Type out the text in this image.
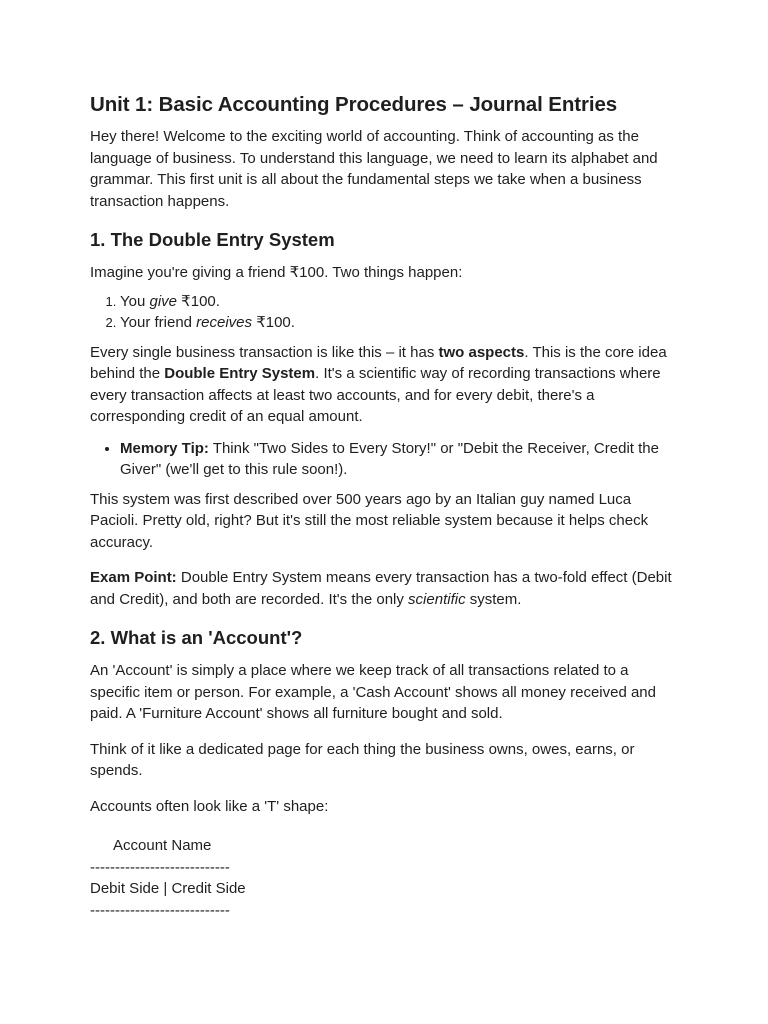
Unit 1: Basic Accounting Procedures – Journal Entries

Hey there! Welcome to the exciting world of accounting. Think of accounting as the language of business. To understand this language, we need to learn its alphabet and grammar. This first unit is all about the fundamental steps we take when a business transaction happens.

1. The Double Entry System

Imagine you're giving a friend ₹100. Two things happen:

1. You give ₹100.
2. Your friend receives ₹100.

Every single business transaction is like this – it has two aspects. This is the core idea behind the Double Entry System. It's a scientific way of recording transactions where every transaction affects at least two accounts, and for every debit, there's a corresponding credit of an equal amount.

• Memory Tip: Think "Two Sides to Every Story!" or "Debit the Receiver, Credit the Giver" (we'll get to this rule soon!).

This system was first described over 500 years ago by an Italian guy named Luca Pacioli. Pretty old, right? But it's still the most reliable system because it helps check accuracy.

Exam Point: Double Entry System means every transaction has a two-fold effect (Debit and Credit), and both are recorded. It's the only scientific system.

2. What is an 'Account'?

An 'Account' is simply a place where we keep track of all transactions related to a specific item or person. For example, a 'Cash Account' shows all money received and paid. A 'Furniture Account' shows all furniture bought and sold.

Think of it like a dedicated page for each thing the business owns, owes, earns, or spends.

Accounts often look like a 'T' shape:

Account Name
----------------------------
Debit Side | Credit Side
----------------------------
